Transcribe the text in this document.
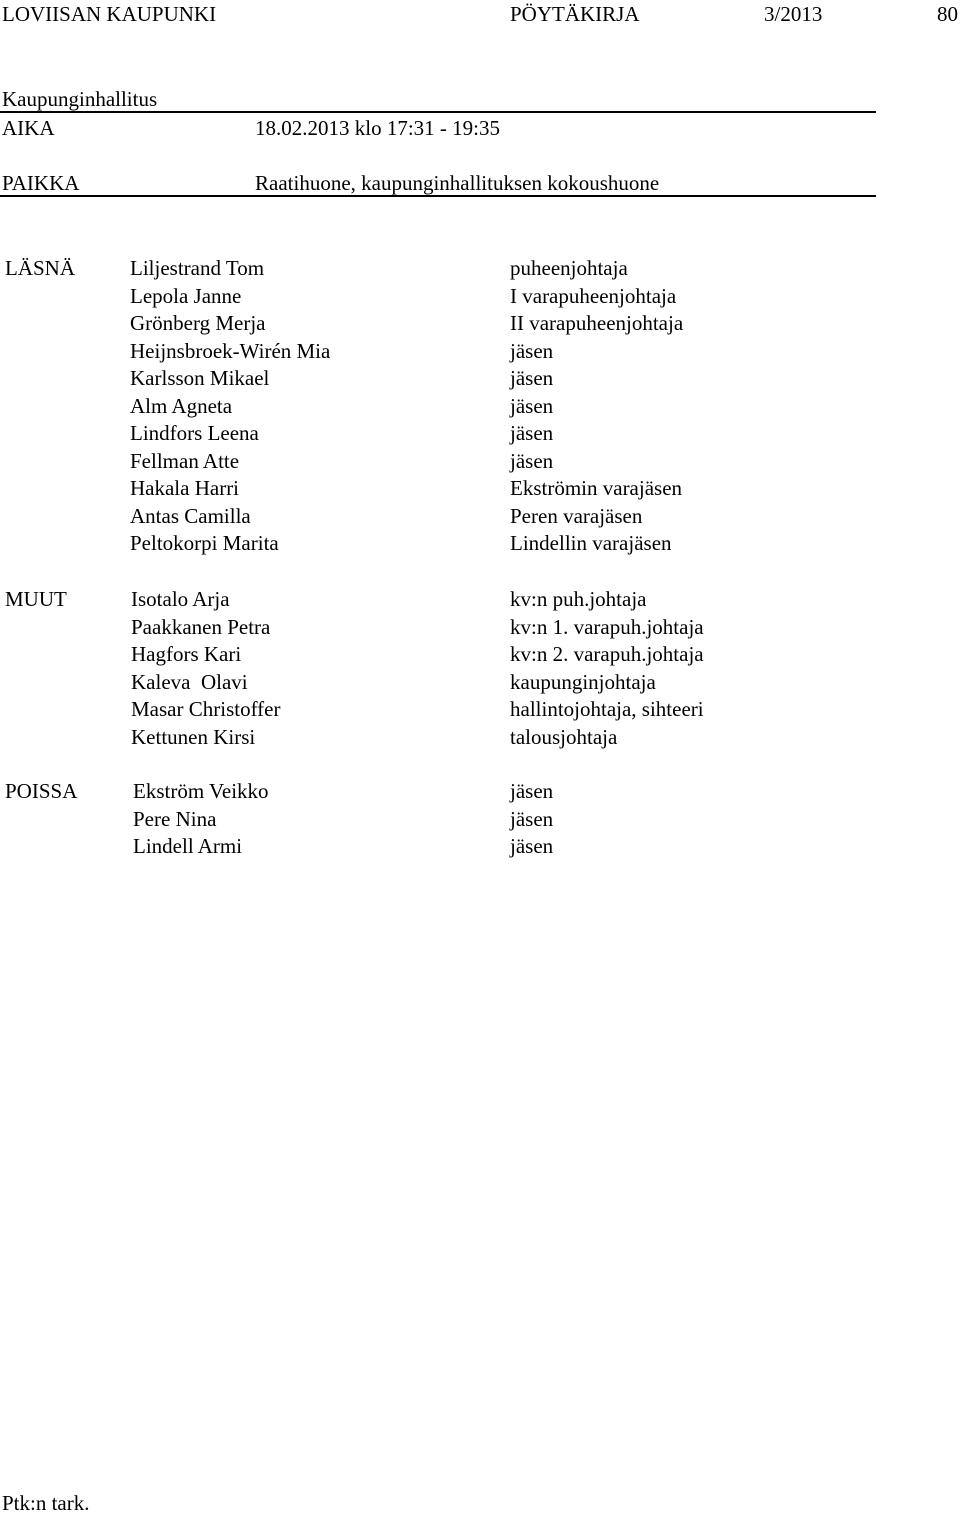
LOVIISAN KAUPUNKI	PÖYTÄKIRJA	3/2013	80
Kaupunginhallitus
AIKA	18.02.2013 klo 17:31 - 19:35
PAIKKA	Raatihuone, kaupunginhallituksen kokoushuone
LÄSNÄ	Liljestrand Tom	puheenjohtaja
Lepola Janne	I varapuheenjohtaja
Grönberg Merja	II varapuheenjohtaja
Heijnsbroek-Wirén Mia	jäsen
Karlsson Mikael	jäsen
Alm Agneta	jäsen
Lindfors Leena	jäsen
Fellman Atte	jäsen
Hakala Harri	Ekströmin varajäsen
Antas Camilla	Peren varajäsen
Peltokorpi Marita	Lindellin varajäsen
MUUT	Isotalo Arja	kv:n puh.johtaja
Paakkanen Petra	kv:n 1. varapuh.johtaja
Hagfors Kari	kv:n 2. varapuh.johtaja
Kaleva  Olavi	kaupunginjohtaja
Masar Christoffer	hallintojohtaja, sihteeri
Kettunen Kirsi	talousjohtaja
POISSA	Ekström Veikko	jäsen
Pere Nina	jäsen
Lindell Armi	jäsen
Ptk:n tark.
